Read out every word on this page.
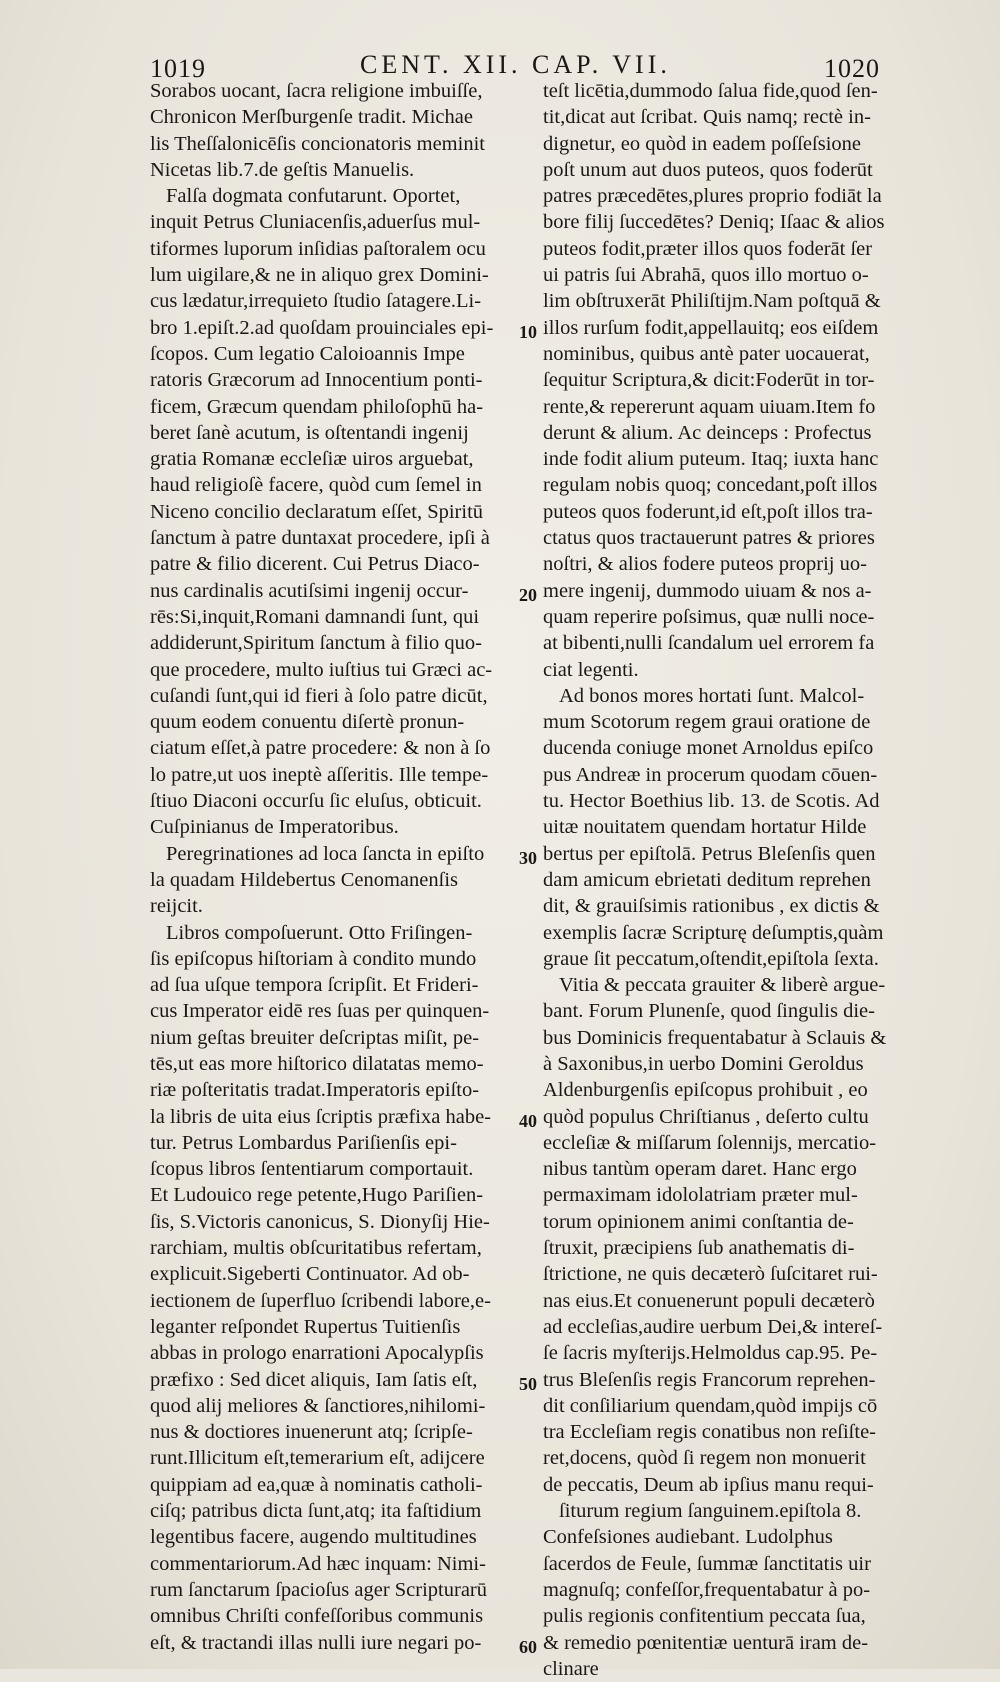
1019	CENT. XII. CAP. VII.	1020
Sorabos uocant, ſacra religione imbuiſſe,
Chronicon Merſburgenſe tradit. Michae
lis Theſſalonicēſis concionatoris meminit
Nicetas lib.7.de geſtis Manuelis.
Falſa dogmata confutarunt. Oportet,
inquit Petrus Cluniacenſis,aduerſus mul-
tiformes luporum inſidias paſtoralem ocu
lum uigilare,& ne in aliquo grex Domini-
cus lædatur,irrequieto ſtudio ſatagere.Li-
bro 1.epiſt.2.ad quoſdam prouinciales epi-
ſcopos. Cum legatio Caloioannis Impe
ratoris Græcorum ad Innocentium ponti-
ficem, Græcum quendam philoſophū ha-
beret ſanè acutum, is oſtentandi ingenij
gratia Romanæ eccleſiæ uiros arguebat,
haud religioſè facere, quòd cum ſemel in
Niceno concilio declaratum eſſet, Spiritū
ſanctum à patre duntaxat procedere, ipſi à
patre & filio dicerent. Cui Petrus Diaco-
nus cardinalis acutiſsimi ingenij occur-
rēs:Si,inquit,Romani damnandi ſunt, qui
addiderunt,Spiritum ſanctum à filio quo-
que procedere, multo iuſtius tui Græci ac-
cuſandi ſunt,qui id fieri à ſolo patre dicūt,
quum eodem conuentu diſertè pronun-
ciatum eſſet,à patre procedere: & non à ſo
lo patre,ut uos ineptè aſſeritis. Ille tempe-
ſtiuo Diaconi occurſu ſic eluſus, obticuit.
Cuſpinianus de Imperatoribus.
Peregrinationes ad loca ſancta in epiſto
la quadam Hildebertus Cenomanenſis
reijcit.
Libros compoſuerunt. Otto Friſingen-
ſis epiſcopus hiſtoriam à condito mundo
ad ſua uſque tempora ſcripſit. Et Frideri-
cus Imperator eidē res ſuas per quinquen-
nium geſtas breuiter deſcriptas miſit, pe-
tēs,ut eas more hiſtorico dilatatas memo-
riæ poſteritatis tradat.Imperatoris epiſto-
la libris de uita eius ſcriptis præfixa habe-
tur. Petrus Lombardus Pariſienſis epi-
ſcopus libros ſententiarum comportauit.
Et Ludouico rege petente,Hugo Pariſien-
ſis, S.Victoris canonicus, S. Dionyſij Hie-
rarchiam, multis obſcuritatibus refertam,
explicuit.Sigeberti Continuator. Ad ob-
iectionem de ſuperfluo ſcribendi labore,e-
leganter reſpondet Rupertus Tuitienſis
abbas in prologo enarrationi Apocalypſis
præfixo : Sed dicet aliquis, Iam ſatis eſt,
quod alij meliores & ſanctiores,nihilomi-
nus & doctiores inuenerunt atq; ſcripſe-
runt.Illicitum eſt,temerarium eſt, adijcere
quippiam ad ea,quæ à nominatis catholi-
ciſq; patribus dicta ſunt,atq; ita faſtidium
legentibus facere, augendo multitudines
commentariorum.Ad hæc inquam: Nimi-
rum ſanctarum ſpacioſus ager Scripturarū
omnibus Chriſti confeſſoribus communis
eſt, & tractandi illas nulli iure negari po-
teſt licētia,dummodo ſalua fide,quod ſen-
tit,dicat aut ſcribat. Quis namq; rectè in-
dignetur, eo quòd in eadem poſſeſsione
poſt unum aut duos puteos, quos foderūt
patres præcedētes,plures proprio fodiāt la
bore filij ſuccedētes? Deniq; Iſaac & alios
puteos fodit,præter illos quos foderāt ſer
ui patris ſui Abrahā, quos illo mortuo o-
lim obſtruxerāt Philiſtijm.Nam poſtquā &
illos rurſum fodit,appellauitq; eos eiſdem
nominibus, quibus antè pater uocauerat,
ſequitur Scriptura,& dicit:Foderūt in tor-
rente,& repererunt aquam uiuam.Item fo
derunt & alium. Ac deinceps : Profectus
inde fodit alium puteum. Itaq; iuxta hanc
regulam nobis quoq; concedant,poſt illos
puteos quos foderunt,id eſt,poſt illos tra-
ctatus quos tractauerunt patres & priores
noſtri, & alios fodere puteos proprij uo-
mere ingenij, dummodo uiuam & nos a-
quam reperire poſsimus, quæ nulli noce-
at bibenti,nulli ſcandalum uel errorem fa
ciat legenti.
Ad bonos mores hortati ſunt. Malcol-
mum Scotorum regem graui oratione de
ducenda coniuge monet Arnoldus epiſco
pus Andreæ in procerum quodam cōuen-
tu. Hector Boethius lib. 13. de Scotis. Ad
uitæ nouitatem quendam hortatur Hilde
bertus per epiſtolā. Petrus Bleſenſis quen
dam amicum ebrietati deditum reprehen
dit, & grauiſsimis rationibus , ex dictis &
exemplis ſacræ Scripturę deſumptis,quàm
graue ſit peccatum,oſtendit,epiſtola ſexta.
Vitia & peccata grauiter & liberè argue-
bant. Forum Plunenſe, quod ſingulis die-
bus Dominicis frequentabatur à Sclauis &
à Saxonibus,in uerbo Domini Geroldus
Aldenburgenſis epiſcopus prohibuit , eo
quòd populus Chriſtianus , deſerto cultu
eccleſiæ & miſſarum ſolennijs, mercatio-
nibus tantùm operam daret. Hanc ergo
permaximam idololatriam præter mul-
torum opinionem animi conſtantia de-
ſtruxit, præcipiens ſub anathematis di-
ſtrictione, ne quis decæterò ſuſcitaret rui-
nas eius.Et conuenerunt populi decæterò
ad eccleſias,audire uerbum Dei,& intereſ-
ſe ſacris myſterijs.Helmoldus cap.95. Pe-
trus Bleſenſis regis Francorum reprehen-
dit conſiliarium quendam,quòd impijs cō
tra Eccleſiam regis conatibus non reſiſte-
ret,docens, quòd ſi regem non monuerit
de peccatis, Deum ab ipſius manu requi-
ſiturum regium ſanguinem.epiſtola 8.
Confeſsiones audiebant. Ludolphus
ſacerdos de Feule, ſummæ ſanctitatis uir
magnuſq; confeſſor,frequentabatur à po-
pulis regionis confitentium peccata ſua,
& remedio pœnitentiæ uenturā iram de-
clinare
10
20
30
40
50
60
